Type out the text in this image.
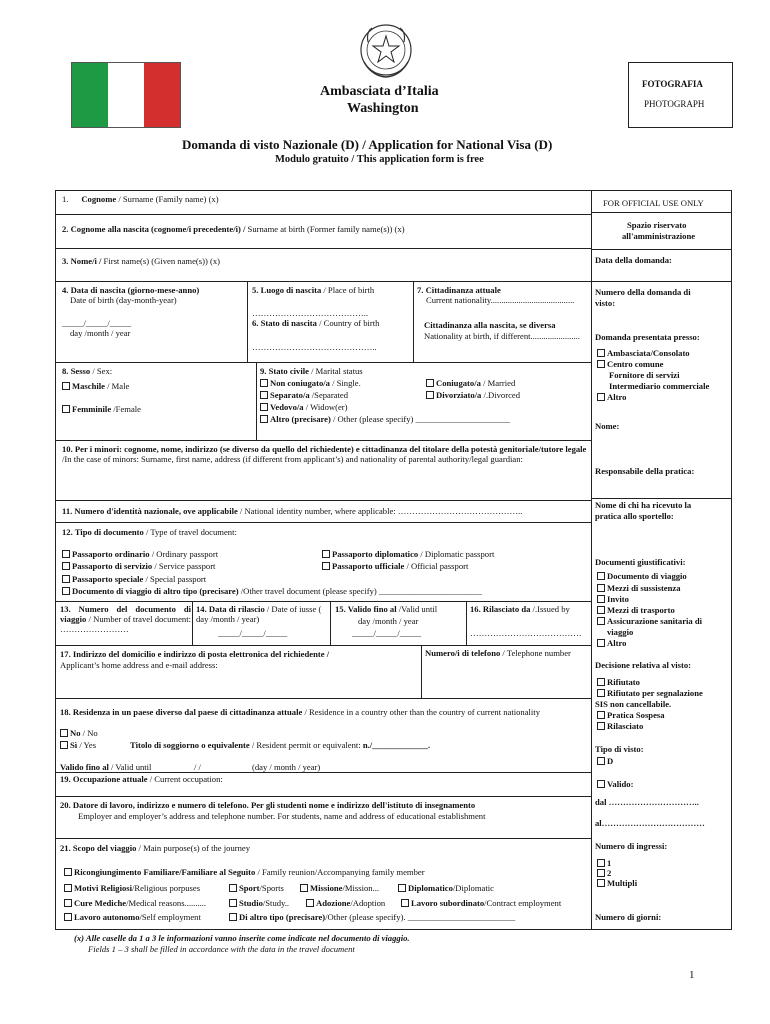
Ambasciata d’Italia
Washington
FOTOGRAFIA
PHOTOGRAPH
Domanda di visto Nazionale (D) / Application for National Visa (D)
Modulo gratuito / This application form is free
1. Cognome / Surname (Family name) (x)
2. Cognome alla nascita (cognome/i precedente/i) / Surname at birth (Former family name(s)) (x)
3. Nome/i / First name(s) (Given name(s)) (x)
4. Data di nascita (giorno-mese-anno)
Date of birth (day-month-year)
_____/_____/_____
day /month / year
5. Luogo di nascita / Place of birth
…………………………………..
6. Stato di nascita / Country of birth
……………………………………..
7. Cittadinanza attuale
Current nationality.......................................
Cittadinanza alla nascita, se diversa
Nationality at birth, if different.......................
8. Sesso / Sex:
Maschile / Male
Femminile /Female
9. Stato civile / Marital status
Non coniugato/a / Single.
Separato/a /Separated
Vedovo/a / Widow(er)
Altro (precisare) / Other (please specify) ______________________
Coniugato/a / Married
Divorziato/a /.Divorced
10. Per i minori: cognome, nome, indirizzo (se diverso da quello del richiedente) e cittadinanza del titolare della potestà genitoriale/tutore legale /In the case of minors: Surname, first name, address (if different from applicant’s) and nationality of parental authority/legal guardian:
11. Numero d'identità nazionale, ove applicabile / National identity number, where applicable: ……………………………………..
12. Tipo di documento / Type of travel document:
Passaporto ordinario / Ordinary passport
Passaporto di servizio / Service passport
Passaporto speciale / Special passport
Documento di viaggio di altro tipo (precisare) /Other travel document (please specify) ________________________
Passaporto diplomatico / Diplomatic passport
Passaporto ufficiale / Official passport
13. Numero del documento di viaggio / Number of travel document: ……………………
14. Data di rilascio / Date of iusse ( day /month / year)
_____/_____/_____
15. Valido fino al /Valid until
day /month / year
_____/_____/_____
16. Rilasciato da /.Issued by
…………………………………
17. Indirizzo del domicilio e indirizzo di posta elettronica del richiedente /
Applicant’s home address and e-mail address:
Numero/i di telefono / Telephone number
18. Residenza in un paese diverso dal paese di cittadinanza attuale / Residence in a country other than the country of current nationality
No / No
Sì / Yes	Titolo di soggiorno o equivalente / Resident permit or equivalent: n./_____________.
Valido fino al / Valid until	/ /	(day / month / year)
19. Occupazione attuale / Current occupation:
20. Datore di lavoro, indirizzo e numero di telefono. Per gli studenti nome e indirizzo dell'istituto di insegnamento
Employer and employer’s address and telephone number. For students, name and address of educational establishment
21. Scopo del viaggio / Main purpose(s) of the journey
Ricongiungimento Familiare/Familiare al Seguito / Family reunion/Accompanying family member
Motivi Religiosi/Religious porpuses	Sport/Sports	Missione/Mission...	Diplomatico/Diplomatic
Cure Mediche/Medical reasons..........	Studio/Study..	Adozione/Adoption	Lavoro subordinato/Contract employment
Lavoro autonomo/Self employment	Di altro tipo (precisare)/Other (please specify). _________________________
FOR OFFICIAL USE ONLY
Spazio riservato
all'amministrazione
Data della domanda:
Numero della domanda di
visto:
Domanda presentata presso:
Ambasciata/Consolato
Centro comune
Fornitore di servizi
Intermediario commerciale
Altro
Nome:
Responsabile della pratica:
Nome di chi ha ricevuto la
pratica allo sportello:
Documenti giustificativi:
Documento di viaggio
Mezzi di sussistenza
Invito
Mezzi di trasporto
Assicurazione sanitaria di
viaggio
Altro
Decisione relativa al visto:
Rifiutato
Rifiutato per segnalazione
SIS non cancellabile.
Pratica Sospesa
Rilasciato
Tipo di visto:
D
Valido:
dal …………………………..
al………………………………
Numero di ingressi:
1
2
Multipli
Numero di giorni:
(x) Alle caselle da 1 a 3 le informazioni vanno inserite come indicate nel documento di viaggio.
Fields 1 – 3 shall be filled in accordance with the data in the travel document
1
